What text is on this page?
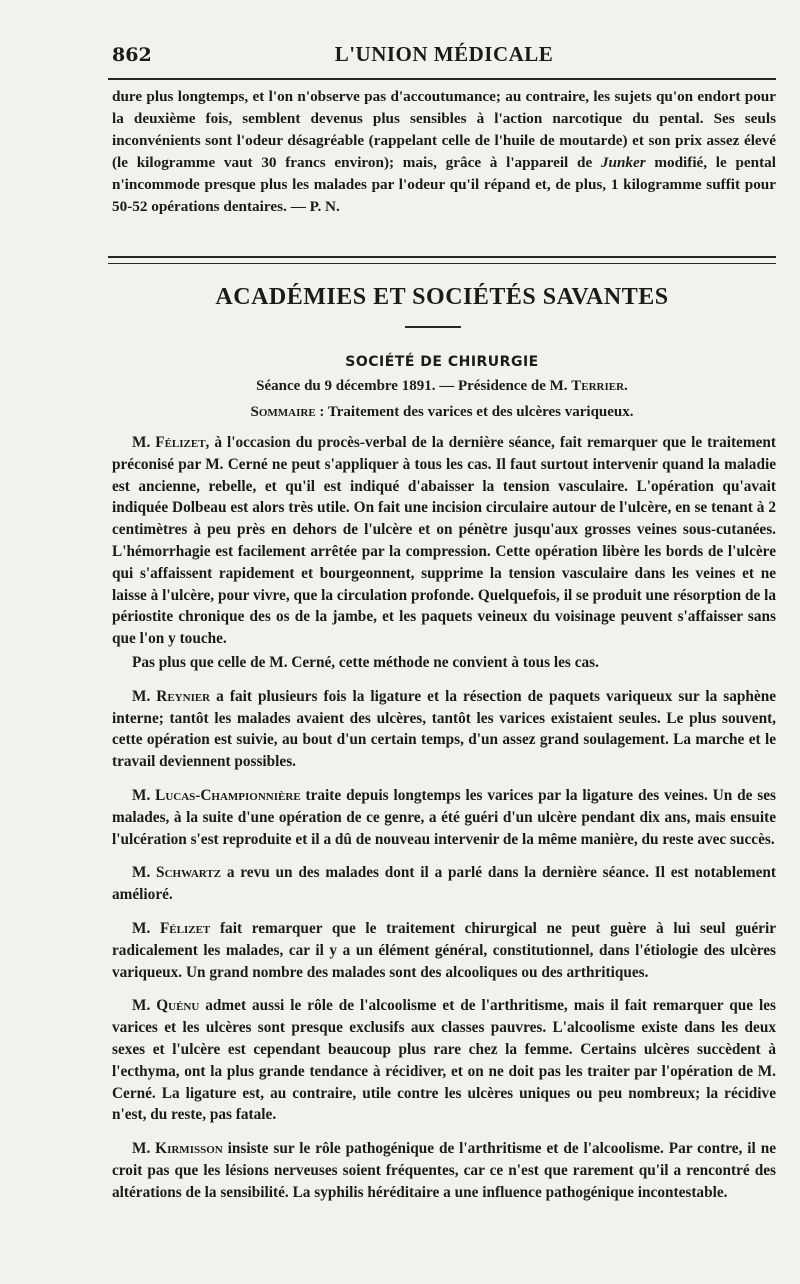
862	L'UNION MÉDICALE
dure plus longtemps, et l'on n'observe pas d'accoutumance; au contraire, les sujets qu'on endort pour la deuxième fois, semblent devenus plus sensibles à l'action narcotique du pental. Ses seuls inconvénients sont l'odeur désagréable (rappelant celle de l'huile de moutarde) et son prix assez élevé (le kilogramme vaut 30 francs environ); mais, grâce à l'appareil de Junker modifié, le pental n'incommode presque plus les malades par l'odeur qu'il répand et, de plus, 1 kilogramme suffit pour 50-52 opérations dentaires. — P. N.
ACADÉMIES ET SOCIÉTÉS SAVANTES
SOCIÉTÉ DE CHIRURGIE
Séance du 9 décembre 1891. — Présidence de M. Terrier.
Sommaire : Traitement des varices et des ulcères variqueux.

M. Félizet, à l'occasion du procès-verbal de la dernière séance, fait remarquer que le traitement préconisé par M. Cerné ne peut s'appliquer à tous les cas. Il faut surtout intervenir quand la maladie est ancienne, rebelle, et qu'il est indiqué d'abaisser la tension vasculaire. L'opération qu'avait indiquée Dolbeau est alors très utile. On fait une incision circulaire autour de l'ulcère, en se tenant à 2 centimètres à peu près en dehors de l'ulcère et on pénètre jusqu'aux grosses veines sous-cutanées. L'hémorrhagie est facilement arrêtée par la compression. Cette opération libère les bords de l'ulcère qui s'affaissent rapidement et bourgeonnent, supprime la tension vasculaire dans les veines et ne laisse à l'ulcère, pour vivre, que la circulation profonde. Quelquefois, il se produit une résorption de la périostite chronique des os de la jambe, et les paquets veineux du voisinage peuvent s'affaisser sans que l'on y touche.

Pas plus que celle de M. Cerné, cette méthode ne convient à tous les cas.

M. Reynier a fait plusieurs fois la ligature et la résection de paquets variqueux sur la saphène interne; tantôt les malades avaient des ulcères, tantôt les varices existaient seules. Le plus souvent, cette opération est suivie, au bout d'un certain temps, d'un assez grand soulagement. La marche et le travail deviennent possibles.

M. Lucas-Championnière traite depuis longtemps les varices par la ligature des veines. Un de ses malades, à la suite d'une opération de ce genre, a été guéri d'un ulcère pendant dix ans, mais ensuite l'ulcération s'est reproduite et il a dû de nouveau intervenir de la même manière, du reste avec succès.

M. Schwartz a revu un des malades dont il a parlé dans la dernière séance. Il est notablement amélioré.

M. Félizet fait remarquer que le traitement chirurgical ne peut guère à lui seul guérir radicalement les malades, car il y a un élément général, constitutionnel, dans l'étiologie des ulcères variqueux. Un grand nombre des malades sont des alcooliques ou des arthritiques.

M. Quénu admet aussi le rôle de l'alcoolisme et de l'arthritisme, mais il fait remarquer que les varices et les ulcères sont presque exclusifs aux classes pauvres. L'alcoolisme existe dans les deux sexes et l'ulcère est cependant beaucoup plus rare chez la femme. Certains ulcères succèdent à l'ecthyma, ont la plus grande tendance à récidiver, et on ne doit pas les traiter par l'opération de M. Cerné. La ligature est, au contraire, utile contre les ulcères uniques ou peu nombreux; la récidive n'est, du reste, pas fatale.

M. Kirmisson insiste sur le rôle pathogénique de l'arthritisme et de l'alcoolisme. Par contre, il ne croit pas que les lésions nerveuses soient fréquentes, car ce n'est que rarement qu'il a rencontré des altérations de la sensibilité. La syphilis héréditaire a une influence pathogénique incontestable.
